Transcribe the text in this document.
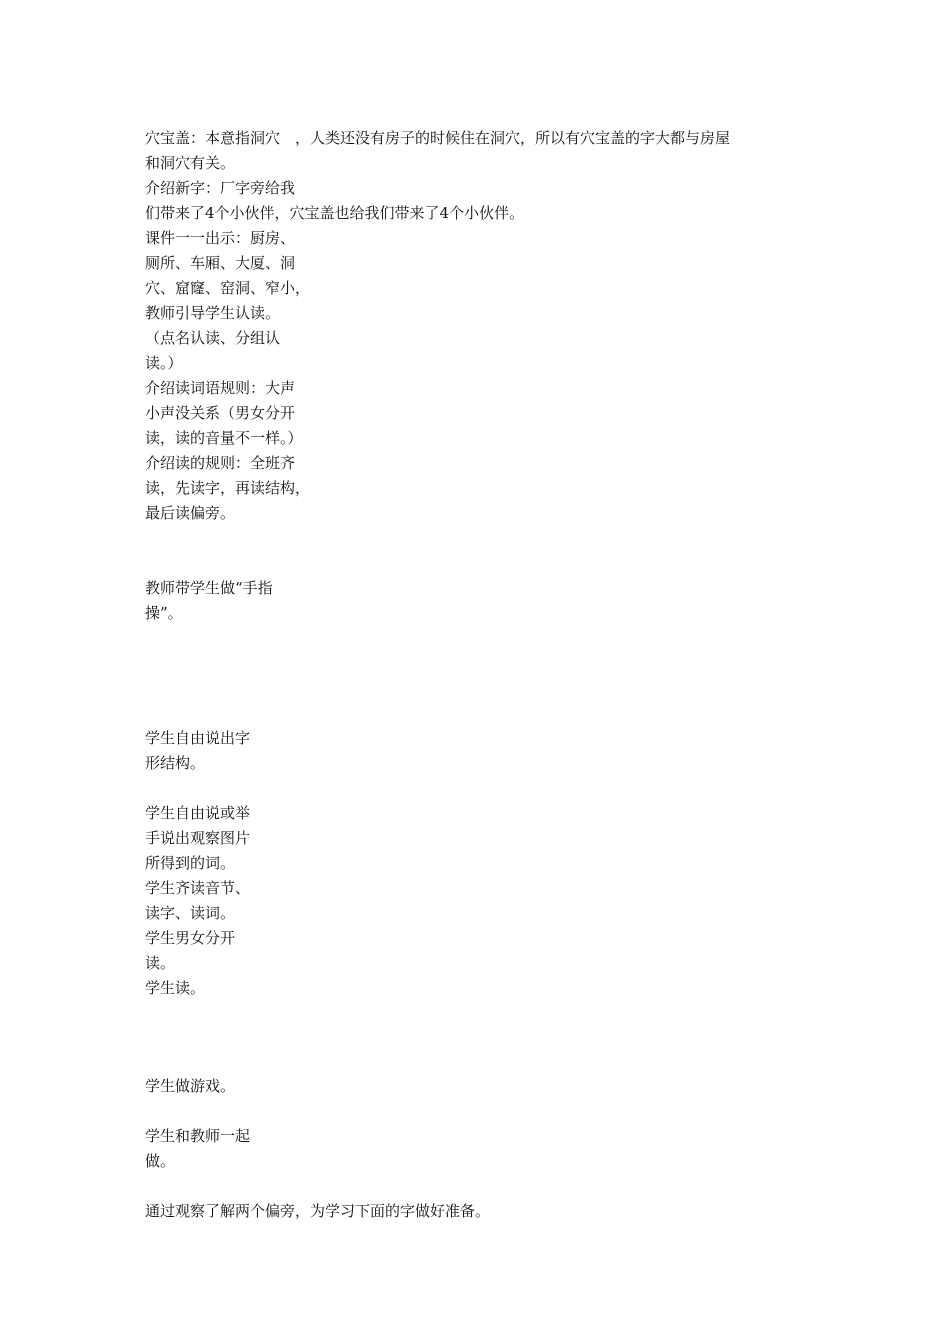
穴宝盖：本意指洞穴　，人类还没有房子的时候住在洞穴，所以有穴宝盖的字大都与房屋

和洞穴有关。

介绍新字：厂字旁给我

们带来了4个小伙伴，穴宝盖也给我们带来了4个小伙伴。

课件一一出示：厨房、

厕所、车厢、大厦、洞

穴、窟窿、窑洞、窄小，

教师引导学生认读。

（点名认读、分组认

读。）

介绍读词语规则：大声

小声没关系（男女分开

读，读的音量不一样。）

介绍读的规则：全班齐

读，先读字，再读结构，

最后读偏旁。

教师带学生做“手指

操”。

学生自由说出字

形结构。

学生自由说或举

手说出观察图片

所得到的词。

学生齐读音节、

读字、读词。

学生男女分开

读。

学生读。

学生做游戏。

学生和教师一起

做。

通过观察了解两个偏旁，为学习下面的字做好准备。
